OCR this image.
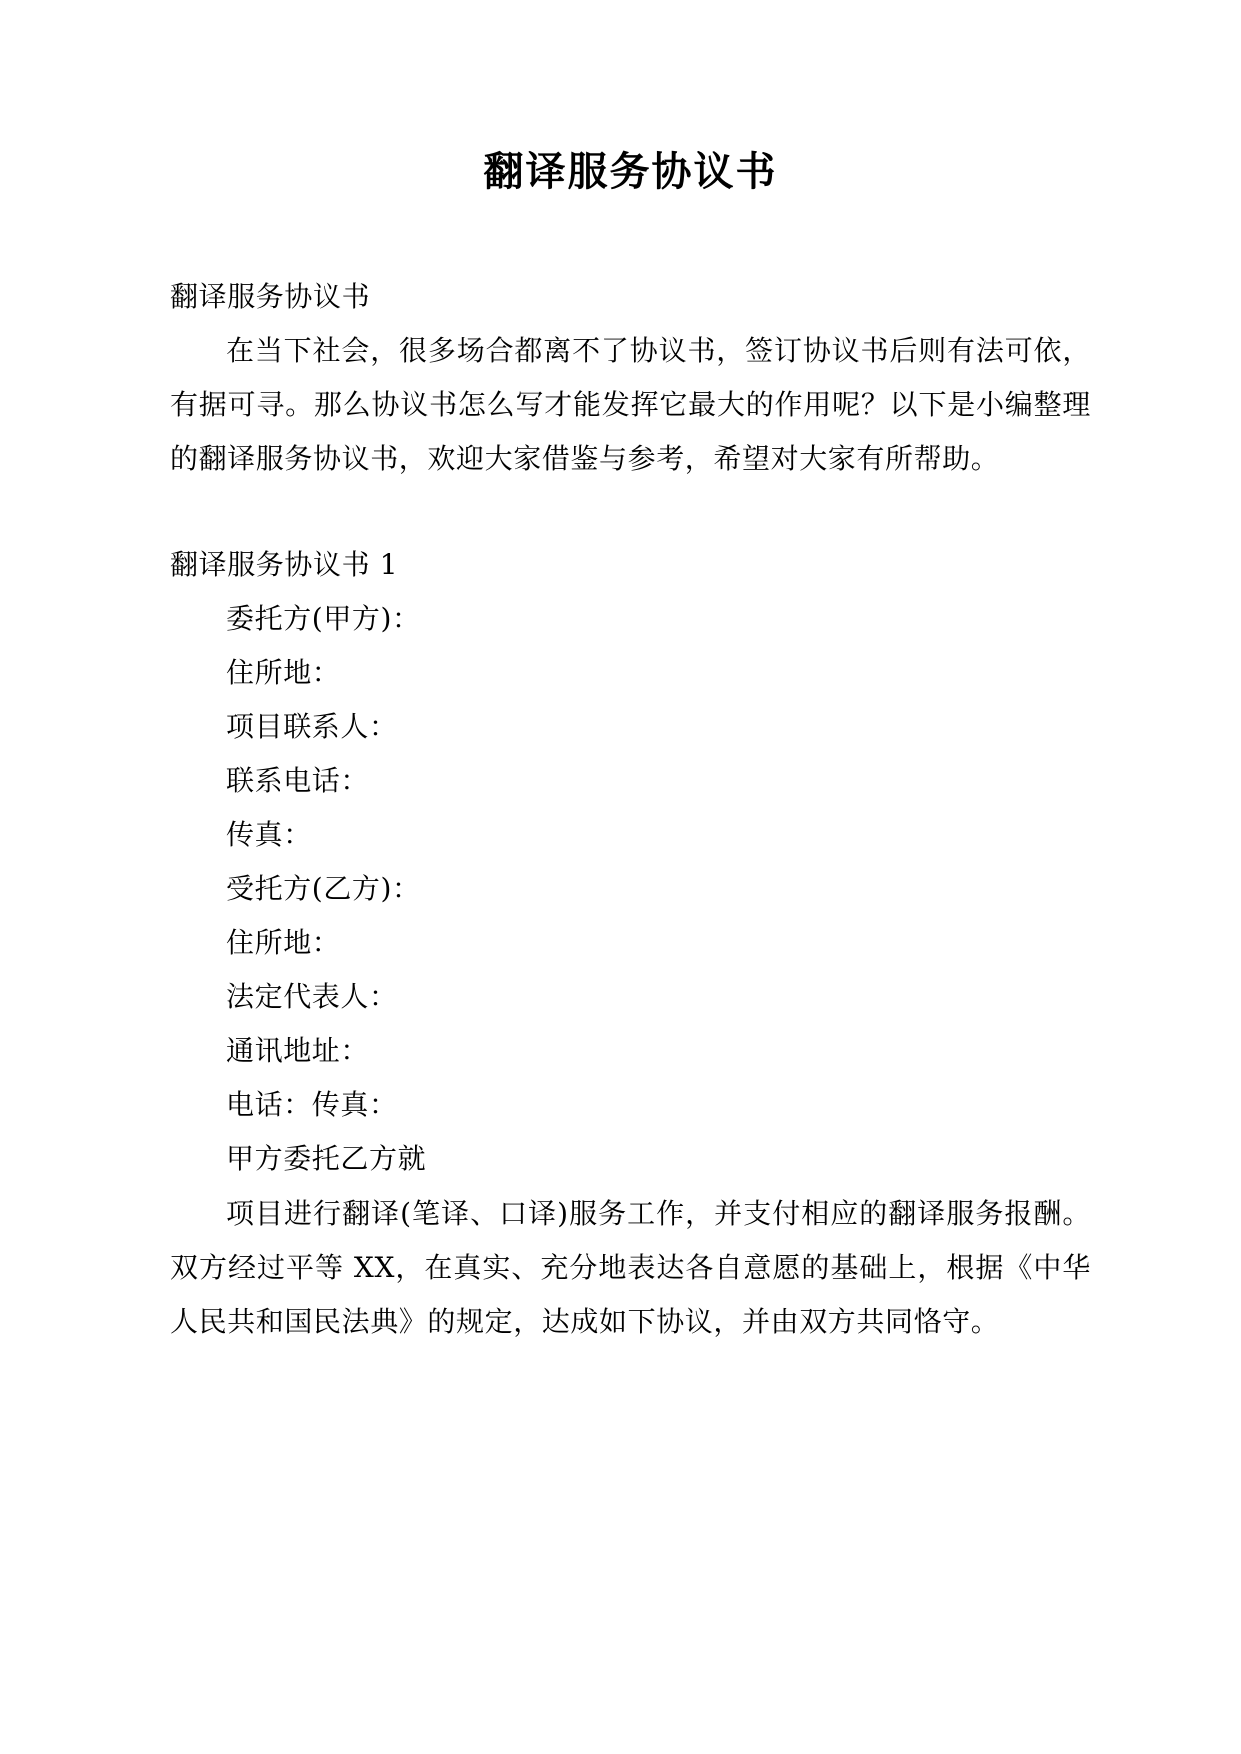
翻译服务协议书

翻译服务协议书

在当下社会，很多场合都离不了协议书，签订协议书后则有法可依，有据可寻。那么协议书怎么写才能发挥它最大的作用呢？以下是小编整理的翻译服务协议书，欢迎大家借鉴与参考，希望对大家有所帮助。

翻译服务协议书 1

委托方(甲方)：

住所地：

项目联系人：

联系电话：

传真：

受托方(乙方)：

住所地：

法定代表人：

通讯地址：

电话：传真：

甲方委托乙方就

项目进行翻译(笔译、口译)服务工作，并支付相应的翻译服务报酬。双方经过平等 XX，在真实、充分地表达各自意愿的基础上，根据《中华人民共和国民法典》的规定，达成如下协议，并由双方共同恪守。
